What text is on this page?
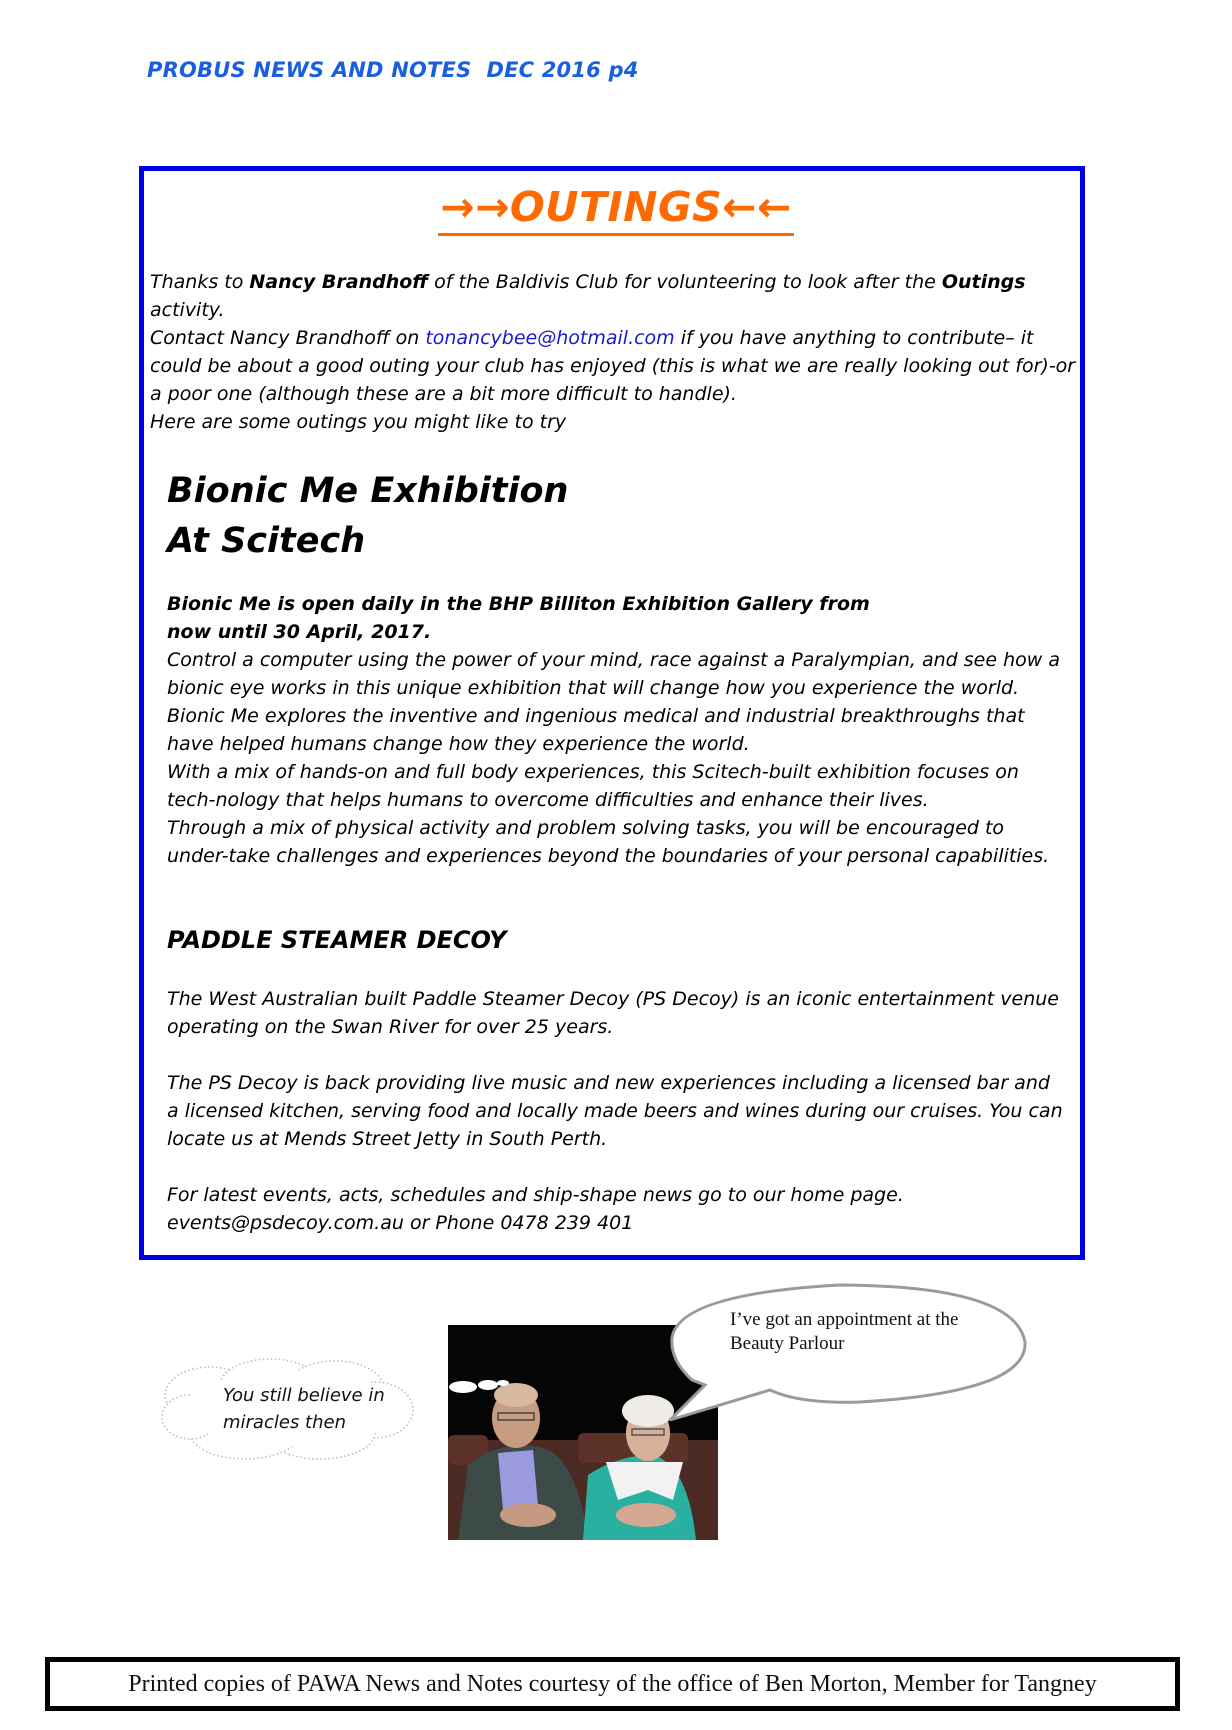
PROBUS NEWS AND NOTES  DEC 2016 p4
→→OUTINGS←←

Thanks to Nancy Brandhoff of the Baldivis Club for volunteering to look after the Outings activity.
Contact Nancy Brandhoff on tonancybee@hotmail.com if you have anything to contribute– it could be about a good outing your club has enjoyed (this is what we are really looking out for)-or a poor one (although these are a bit more difficult to handle).

Here are some outings you might like to try

Bionic Me Exhibition
At Scitech

Bionic Me is open daily in the BHP Billiton Exhibition Gallery from

now until 30 April, 2017.

Control a computer using the power of your mind, race against a Paralympian, and see how a bionic eye works in this unique exhibition that will change how you experience the world.

Bionic Me explores the inventive and ingenious medical and industrial breakthroughs that have helped humans change how they experience the world.

With a mix of hands-on and full body experiences, this Scitech-built exhibition focuses on tech-nology that helps humans to overcome difficulties and enhance their lives.

Through a mix of physical activity and problem solving tasks, you will be encouraged to under-take challenges and experiences beyond the boundaries of your personal capabilities.

PADDLE STEAMER DECOY

The West Australian built Paddle Steamer Decoy (PS Decoy) is an iconic entertainment venue operating on the Swan River for over 25 years.

The PS Decoy is back providing live music and new experiences including a licensed bar and a licensed kitchen, serving food and locally made beers and wines during our cruises. You can locate us at Mends Street Jetty in South Perth.

For latest events, acts, schedules and ship-shape news go to our home page.
events@psdecoy.com.au or Phone 0478 239 401

You still believe in miracles then
I’ve got an appointment at the Beauty Parlour
Printed copies of PAWA News and Notes courtesy of the office of Ben Morton, Member for Tangney
